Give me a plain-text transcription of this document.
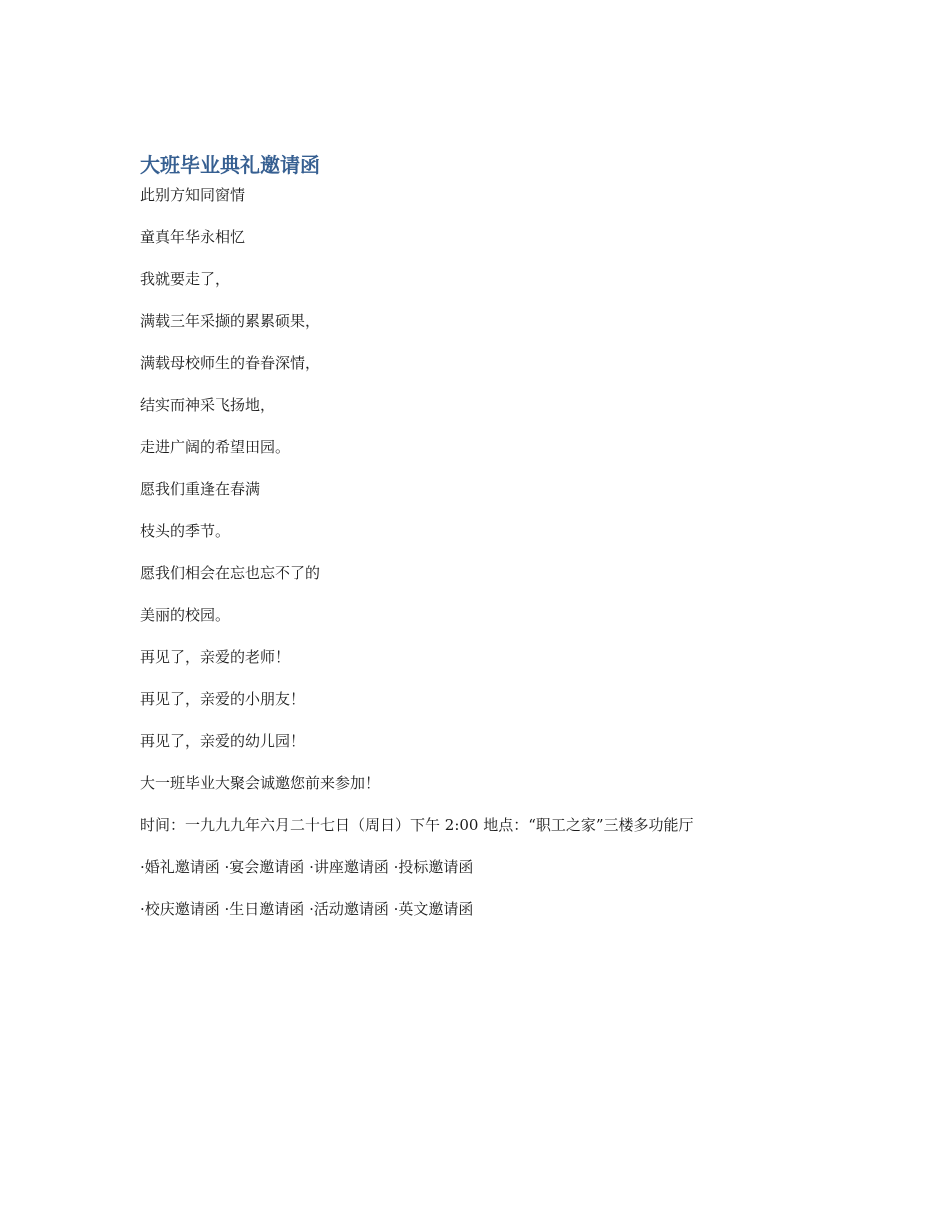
大班毕业典礼邀请函

此别方知同窗情

童真年华永相忆

我就要走了，

满载三年采撷的累累硕果，

满载母校师生的眷眷深情，

结实而神采飞扬地，

走进广阔的希望田园。

愿我们重逢在春满

枝头的季节。

愿我们相会在忘也忘不了的

美丽的校园。

再见了，亲爱的老师！

再见了，亲爱的小朋友！

再见了，亲爱的幼儿园！

大一班毕业大聚会诚邀您前来参加！

时间：一九九九年六月二十七日（周日）下午 2:00 地点：“职工之家”三楼多功能厅

·婚礼邀请函 ·宴会邀请函 ·讲座邀请函 ·投标邀请函

·校庆邀请函 ·生日邀请函 ·活动邀请函 ·英文邀请函
